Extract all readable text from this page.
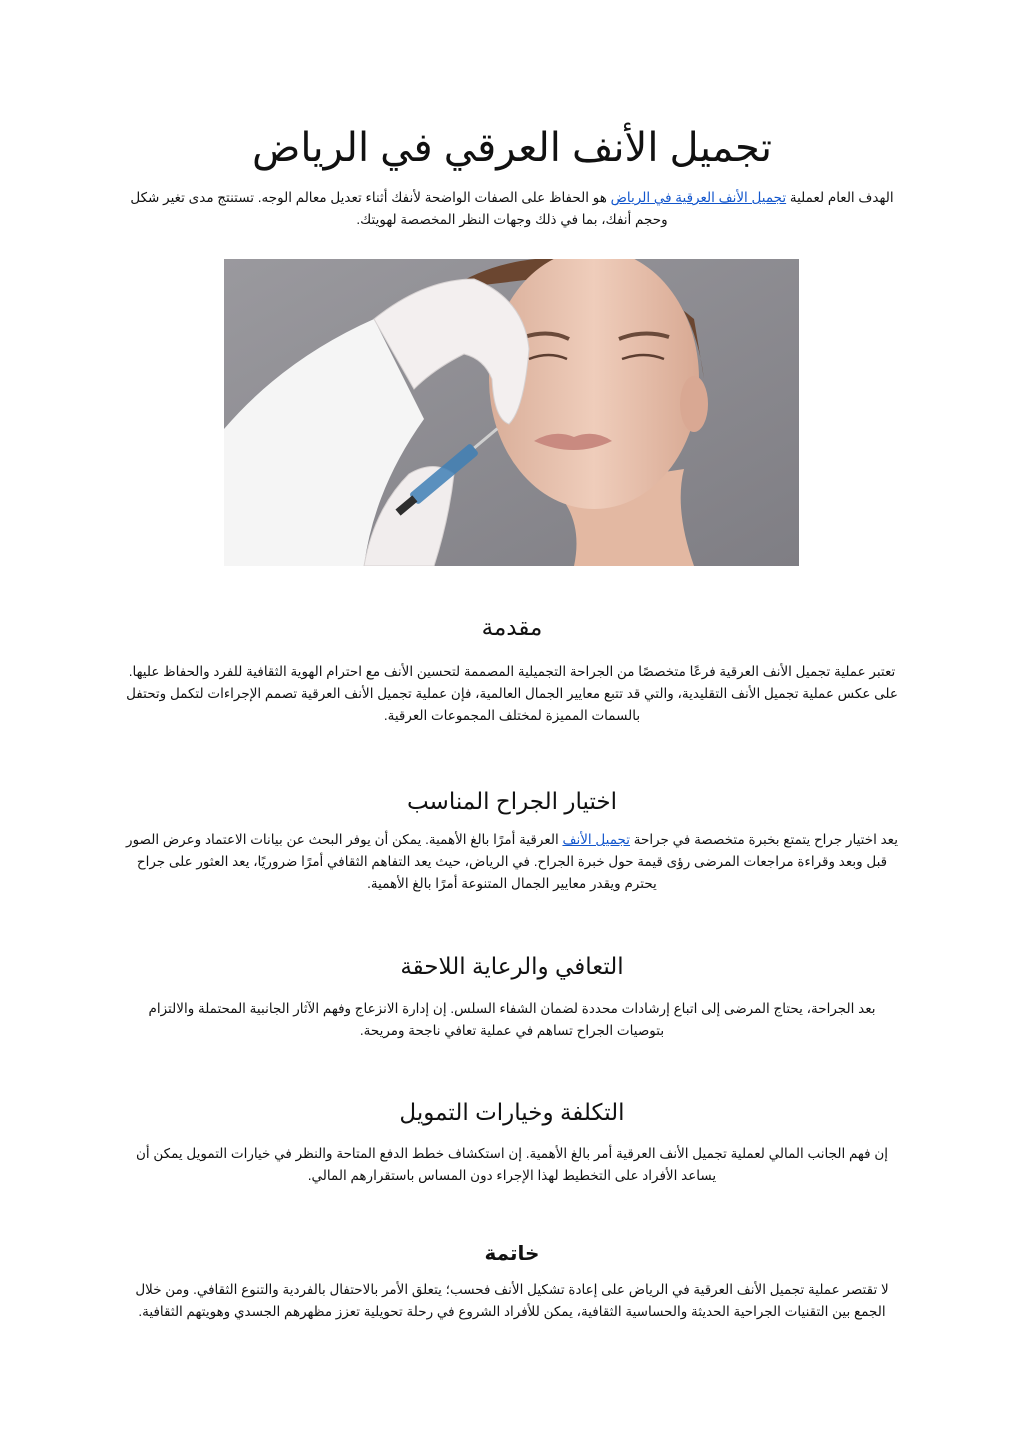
تجميل الأنف العرقي في الرياض

الهدف العام لعملية تجميل الأنف العرقية في الرياض هو الحفاظ على الصفات الواضحة لأنفك أثناء تعديل معالم الوجه. تستنتج مدى تغير شكل وحجم أنفك، بما في ذلك وجهات النظر المخصصة لهويتك.

مقدمة

تعتبر عملية تجميل الأنف العرقية فرعًا متخصصًا من الجراحة التجميلية المصممة لتحسين الأنف مع احترام الهوية الثقافية للفرد والحفاظ عليها. على عكس عملية تجميل الأنف التقليدية، والتي قد تتبع معايير الجمال العالمية، فإن عملية تجميل الأنف العرقية تصمم الإجراءات لتكمل وتحتفل بالسمات المميزة لمختلف المجموعات العرقية.

اختيار الجراح المناسب

يعد اختيار جراح يتمتع بخبرة متخصصة في جراحة تجميل الأنف العرقية أمرًا بالغ الأهمية. يمكن أن يوفر البحث عن بيانات الاعتماد وعرض الصور قبل وبعد وقراءة مراجعات المرضى رؤى قيمة حول خبرة الجراح. في الرياض، حيث يعد التفاهم الثقافي أمرًا ضروريًا، يعد العثور على جراح يحترم ويقدر معايير الجمال المتنوعة أمرًا بالغ الأهمية.

التعافي والرعاية اللاحقة

بعد الجراحة، يحتاج المرضى إلى اتباع إرشادات محددة لضمان الشفاء السلس. إن إدارة الانزعاج وفهم الآثار الجانبية المحتملة والالتزام بتوصيات الجراح تساهم في عملية تعافي ناجحة ومريحة.

التكلفة وخيارات التمويل

إن فهم الجانب المالي لعملية تجميل الأنف العرقية أمر بالغ الأهمية. إن استكشاف خطط الدفع المتاحة والنظر في خيارات التمويل يمكن أن يساعد الأفراد على التخطيط لهذا الإجراء دون المساس باستقرارهم المالي.

خاتمة

لا تقتصر عملية تجميل الأنف العرقية في الرياض على إعادة تشكيل الأنف فحسب؛ يتعلق الأمر بالاحتفال بالفردية والتنوع الثقافي. ومن خلال الجمع بين التقنيات الجراحية الحديثة والحساسية الثقافية، يمكن للأفراد الشروع في رحلة تحويلية تعزز مظهرهم الجسدي وهويتهم الثقافية.
